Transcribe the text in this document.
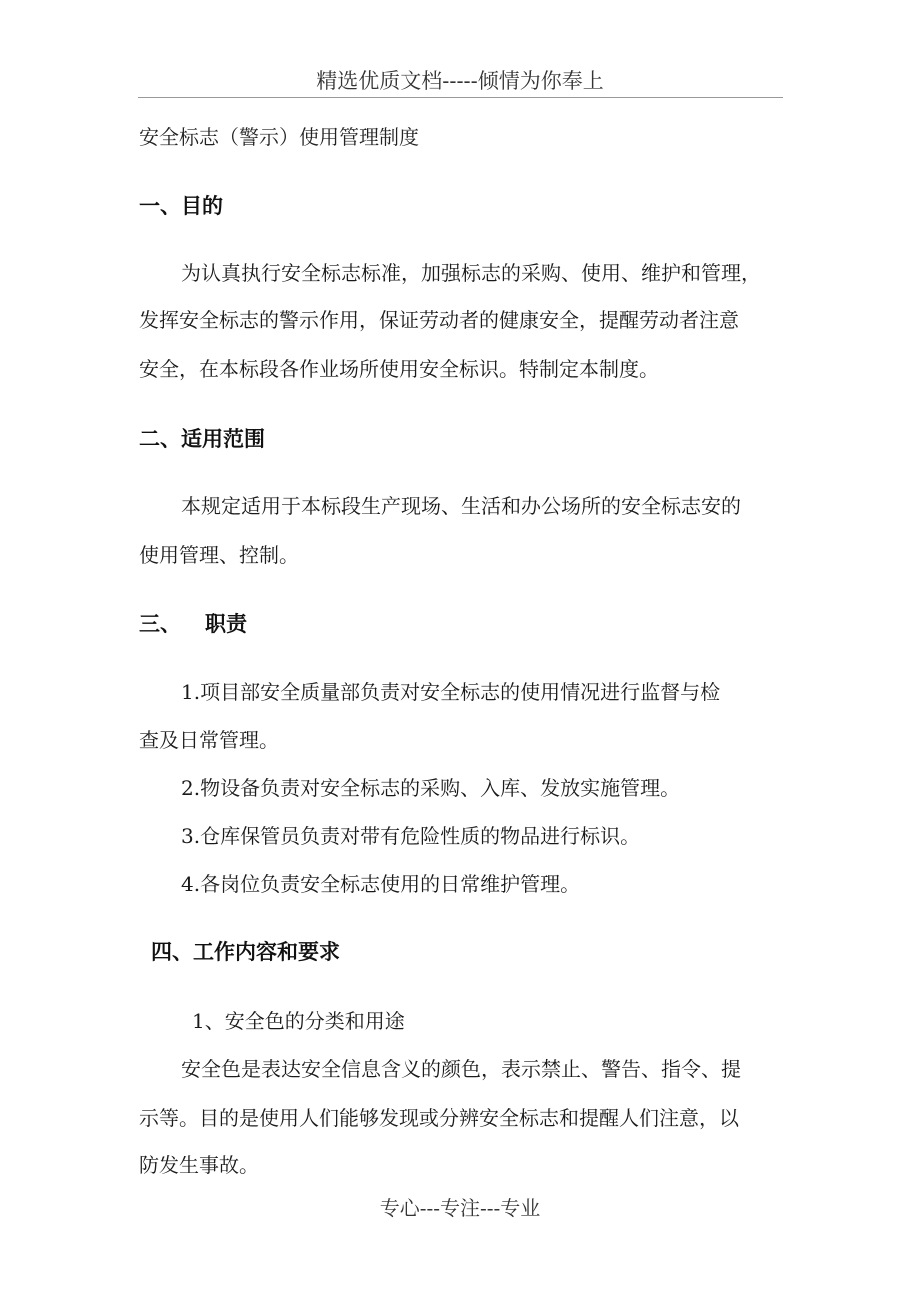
精选优质文档-----倾情为你奉上
安全标志（警示）使用管理制度
一、目的
为认真执行安全标志标准，加强标志的采购、使用、维护和管理，
发挥安全标志的警示作用，保证劳动者的健康安全，提醒劳动者注意
安全，在本标段各作业场所使用安全标识。特制定本制度。
二、适用范围
本规定适用于本标段生产现场、生活和办公场所的安全标志安的
使用管理、控制。
三、 职责
1.项目部安全质量部负责对安全标志的使用情况进行监督与检
查及日常管理。
2.物设备负责对安全标志的采购、入库、发放实施管理。
3.仓库保管员负责对带有危险性质的物品进行标识。
4.各岗位负责安全标志使用的日常维护管理。
四、工作内容和要求
1、安全色的分类和用途
安全色是表达安全信息含义的颜色，表示禁止、警告、指令、提
示等。目的是使用人们能够发现或分辨安全标志和提醒人们注意，以
防发生事故。
专心---专注---专业
